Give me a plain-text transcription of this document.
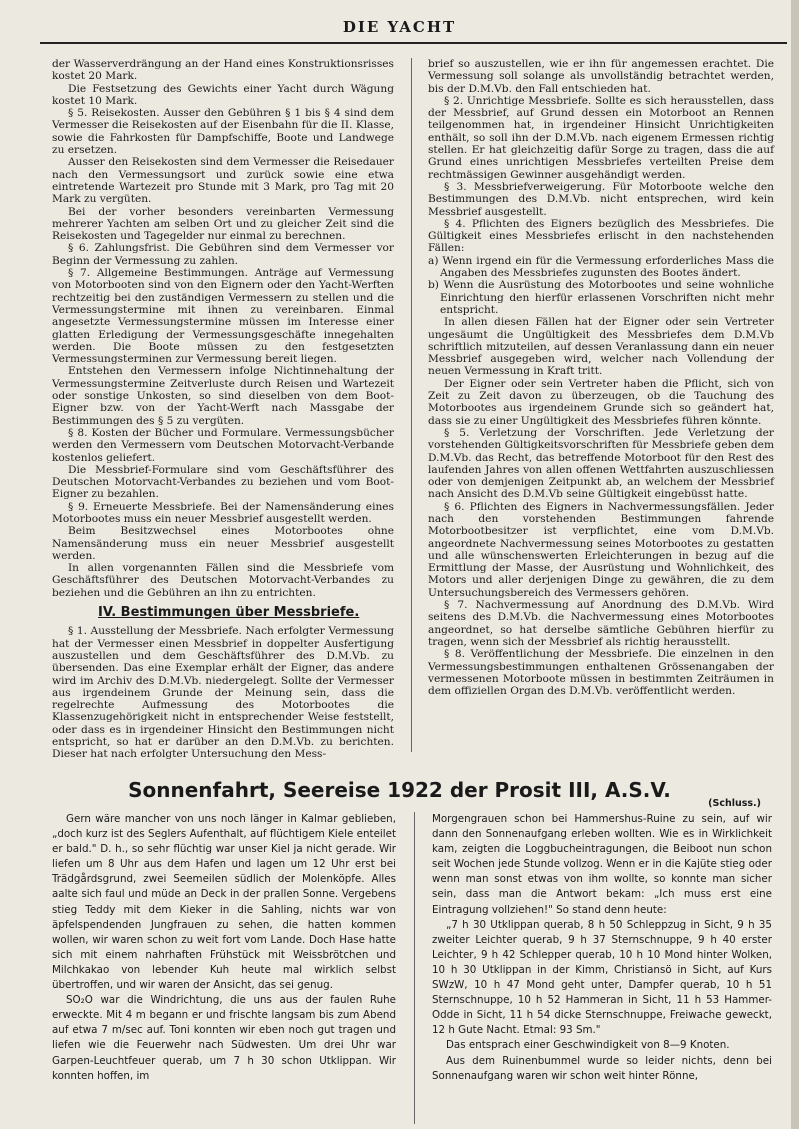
DIE YACHT

der Wasserverdrängung an der Hand eines Konstruktionsrisses kostet 20 Mark.

Die Festsetzung des Gewichts einer Yacht durch Wägung kostet 10 Mark.

§ 5. Reisekosten. Ausser den Gebühren § 1 bis § 4 sind dem Vermesser die Reisekosten auf der Eisenbahn für die II. Klasse, sowie die Fahrkosten für Dampfschiffe, Boote und Landwege zu ersetzen.

Ausser den Reisekosten sind dem Vermesser die Reisedauer nach den Vermessungsort und zurück sowie eine etwa eintretende Wartezeit pro Stunde mit 3 Mark, pro Tag mit 20 Mark zu vergüten.

Bei der vorher besonders vereinbarten Vermessung mehrerer Yachten am selben Ort und zu gleicher Zeit sind die Reisekosten und Tagegelder nur einmal zu berechnen.

§ 6. Zahlungsfrist. Die Gebühren sind dem Vermesser vor Beginn der Vermessung zu zahlen.

§ 7. Allgemeine Bestimmungen. Anträge auf Vermessung von Motorbooten sind von den Eignern oder den Yacht-Werften rechtzeitig bei den zuständigen Vermessern zu stellen und die Vermessungstermine mit ihnen zu vereinbaren. Einmal angesetzte Vermessungstermine müssen im Interesse einer glatten Erledigung der Vermessungsgeschäfte innegehalten werden. Die Boote müssen zu den festgesetzten Vermessungsterminen zur Vermessung bereit liegen.

Entstehen den Vermessern infolge Nichtinnehaltung der Vermessungstermine Zeitverluste durch Reisen und Wartezeit oder sonstige Unkosten, so sind dieselben von dem Boot-Eigner bzw. von der Yacht-Werft nach Massgabe der Bestimmungen des § 5 zu vergüten.

§ 8. Kosten der Bücher und Formulare. Vermessungsbücher werden den Vermessern vom Deutschen Motorvacht-Verbande kostenlos geliefert.

Die Messbrief-Formulare sind vom Geschäftsführer des Deutschen Motorvacht-Verbandes zu beziehen und vom Boot-Eigner zu bezahlen.

§ 9. Erneuerte Messbriefe. Bei der Namensänderung eines Motorbootes muss ein neuer Messbrief ausgestellt werden.

Beim Besitzwechsel eines Motorbootes ohne Namensänderung muss ein neuer Messbrief ausgestellt werden.

In allen vorgenannten Fällen sind die Messbriefe vom Geschäftsführer des Deutschen Motorvacht-Verbandes zu beziehen und die Gebühren an ihn zu entrichten.

IV. Bestimmungen über Messbriefe.

§ 1. Ausstellung der Messbriefe. Nach erfolgter Vermessung hat der Vermesser einen Messbrief in doppelter Ausfertigung auszustellen und dem Geschäftsführer des D.M.Vb. zu übersenden. Das eine Exemplar erhält der Eigner, das andere wird im Archiv des D.M.Vb. niedergelegt. Sollte der Vermesser aus irgendeinem Grunde der Meinung sein, dass die regelrechte Aufmessung des Motorbootes die Klassenzugehörigkeit nicht in entsprechender Weise feststellt, oder dass es in irgendeiner Hinsicht den Bestimmungen nicht entspricht, so hat er darüber an den D.M.Vb. zu berichten. Dieser hat nach erfolgter Untersuchung den Mess-

brief so auszustellen, wie er ihn für angemessen erachtet. Die Vermessung soll solange als unvollständig betrachtet werden, bis der D.M.Vb. den Fall entschieden hat.

§ 2. Unrichtige Messbriefe. Sollte es sich herausstellen, dass der Messbrief, auf Grund dessen ein Motorboot an Rennen teilgenommen hat, in irgendeiner Hinsicht Unrichtigkeiten enthält, so soll ihn der D.M.Vb. nach eigenem Ermessen richtig stellen. Er hat gleichzeitig dafür Sorge zu tragen, dass die auf Grund eines unrichtigen Messbriefes verteilten Preise dem rechtmässigen Gewinner ausgehändigt werden.

§ 3. Messbriefverweigerung. Für Motorboote welche den Bestimmungen des D.M.Vb. nicht entsprechen, wird kein Messbrief ausgestellt.

§ 4. Pflichten des Eigners bezüglich des Messbriefes. Die Gültigkeit eines Messbriefes erlischt in den nachstehenden Fällen:

a) Wenn irgend ein für die Vermessung erforderliches Mass die Angaben des Messbriefes zugunsten des Bootes ändert.

b) Wenn die Ausrüstung des Motorbootes und seine wohnliche Einrichtung den hierfür erlassenen Vorschriften nicht mehr entspricht.

In allen diesen Fällen hat der Eigner oder sein Vertreter ungesäumt die Ungültigkeit des Messbriefes dem D.M.Vb schriftlich mitzuteilen, auf dessen Veranlassung dann ein neuer Messbrief ausgegeben wird, welcher nach Vollendung der neuen Vermessung in Kraft tritt.

Der Eigner oder sein Vertreter haben die Pflicht, sich von Zeit zu Zeit davon zu überzeugen, ob die Tauchung des Motorbootes aus irgendeinem Grunde sich so geändert hat, dass sie zu einer Ungültigkeit des Messbriefes führen könnte.

§ 5. Verletzung der Vorschriften. Jede Verletzung der vorstehenden Gültigkeitsvorschriften für Messbriefe geben dem D.M.Vb. das Recht, das betreffende Motorboot für den Rest des laufenden Jahres von allen offenen Wettfahrten auszuschliessen oder von demjenigen Zeitpunkt ab, an welchem der Messbrief nach Ansicht des D.M.Vb seine Gültigkeit eingebüsst hatte.

§ 6. Pflichten des Eigners in Nachvermessungsfällen. Jeder nach den vorstehenden Bestimmungen fahrende Motorbootbesitzer ist verpflichtet, eine vom D.M.Vb. angeordnete Nachvermessung seines Motorbootes zu gestatten und alle wünschenswerten Erleichterungen in bezug auf die Ermittlung der Masse, der Ausrüstung und Wohnlichkeit, des Motors und aller derjenigen Dinge zu gewähren, die zu dem Untersuchungsbereich des Vermessers gehören.

§ 7. Nachvermessung auf Anordnung des D.M.Vb. Wird seitens des D.M.Vb. die Nachvermessung eines Motorbootes angeordnet, so hat derselbe sämtliche Gebühren hierfür zu tragen, wenn sich der Messbrief als richtig herausstellt.

§ 8. Veröffentlichung der Messbriefe. Die einzelnen in den Vermessungsbestimmungen enthaltenen Grössenangaben der vermessenen Motorboote müssen in bestimmten Zeiträumen in dem offiziellen Organ des D.M.Vb. veröffentlicht werden.

Sonnenfahrt, Seereise 1922 der Prosit III, A.S.V.
(Schluss.)

Gern wäre mancher von uns noch länger in Kalmar geblieben, „doch kurz ist des Seglers Aufenthalt, auf flüchtigem Kiele enteilet er bald." D. h., so sehr flüchtig war unser Kiel ja nicht gerade. Wir liefen um 8 Uhr aus dem Hafen und lagen um 12 Uhr erst bei Trädgårdsgrund, zwei Seemeilen südlich der Molenköpfe. Alles aalte sich faul und müde an Deck in der prallen Sonne. Vergebens stieg Teddy mit dem Kieker in die Sahling, nichts war von äpfelspendenden Jungfrauen zu sehen, die hatten kommen wollen, wir waren schon zu weit fort vom Lande. Doch Hase hatte sich mit einem nahrhaften Frühstück mit Weissbrötchen und Milchkakao von lebender Kuh heute mal wirklich selbst übertroffen, und wir waren der Ansicht, das sei genug.

SO₂O war die Windrichtung, die uns aus der faulen Ruhe erweckte. Mit 4 m begann er und frischte langsam bis zum Abend auf etwa 7 m/sec auf. Toni konnten wir eben noch gut tragen und liefen wie die Feuerwehr nach Südwesten. Um drei Uhr war Garpen-Leuchtfeuer querab, um 7 h 30 schon Utklippan. Wir konnten hoffen, im

Morgengrauen schon bei Hammershus-Ruine zu sein, auf wir dann den Sonnenaufgang erleben wollten. Wie es in Wirklichkeit kam, zeigten die Loggbucheintragungen, die Beiboot nun schon seit Wochen jede Stunde vollzog. Wenn er in die Kajüte stieg oder wenn man sonst etwas von ihm wollte, so konnte man sicher sein, dass man die Antwort bekam: „Ich muss erst eine Eintragung vollziehen!" So stand denn heute:

„7 h 30 Utklippan querab, 8 h 50 Schleppzug in Sicht, 9 h 35 zweiter Leichter querab, 9 h 37 Sternschnuppe, 9 h 40 erster Leichter, 9 h 42 Schlepper querab, 10 h 10 Mond hinter Wolken, 10 h 30 Utklippan in der Kimm, Christiansö in Sicht, auf Kurs SWzW, 10 h 47 Mond geht unter, Dampfer querab, 10 h 51 Sternschnuppe, 10 h 52 Hammeran in Sicht, 11 h 53 Hammer-Odde in Sicht, 11 h 54 dicke Sternschnuppe, Freiwache geweckt, 12 h Gute Nacht. Etmal: 93 Sm."

Das entsprach einer Geschwindigkeit von 8—9 Knoten.

Aus dem Ruinenbummel wurde so leider nichts, denn bei Sonnenaufgang waren wir schon weit hinter Rönne,
